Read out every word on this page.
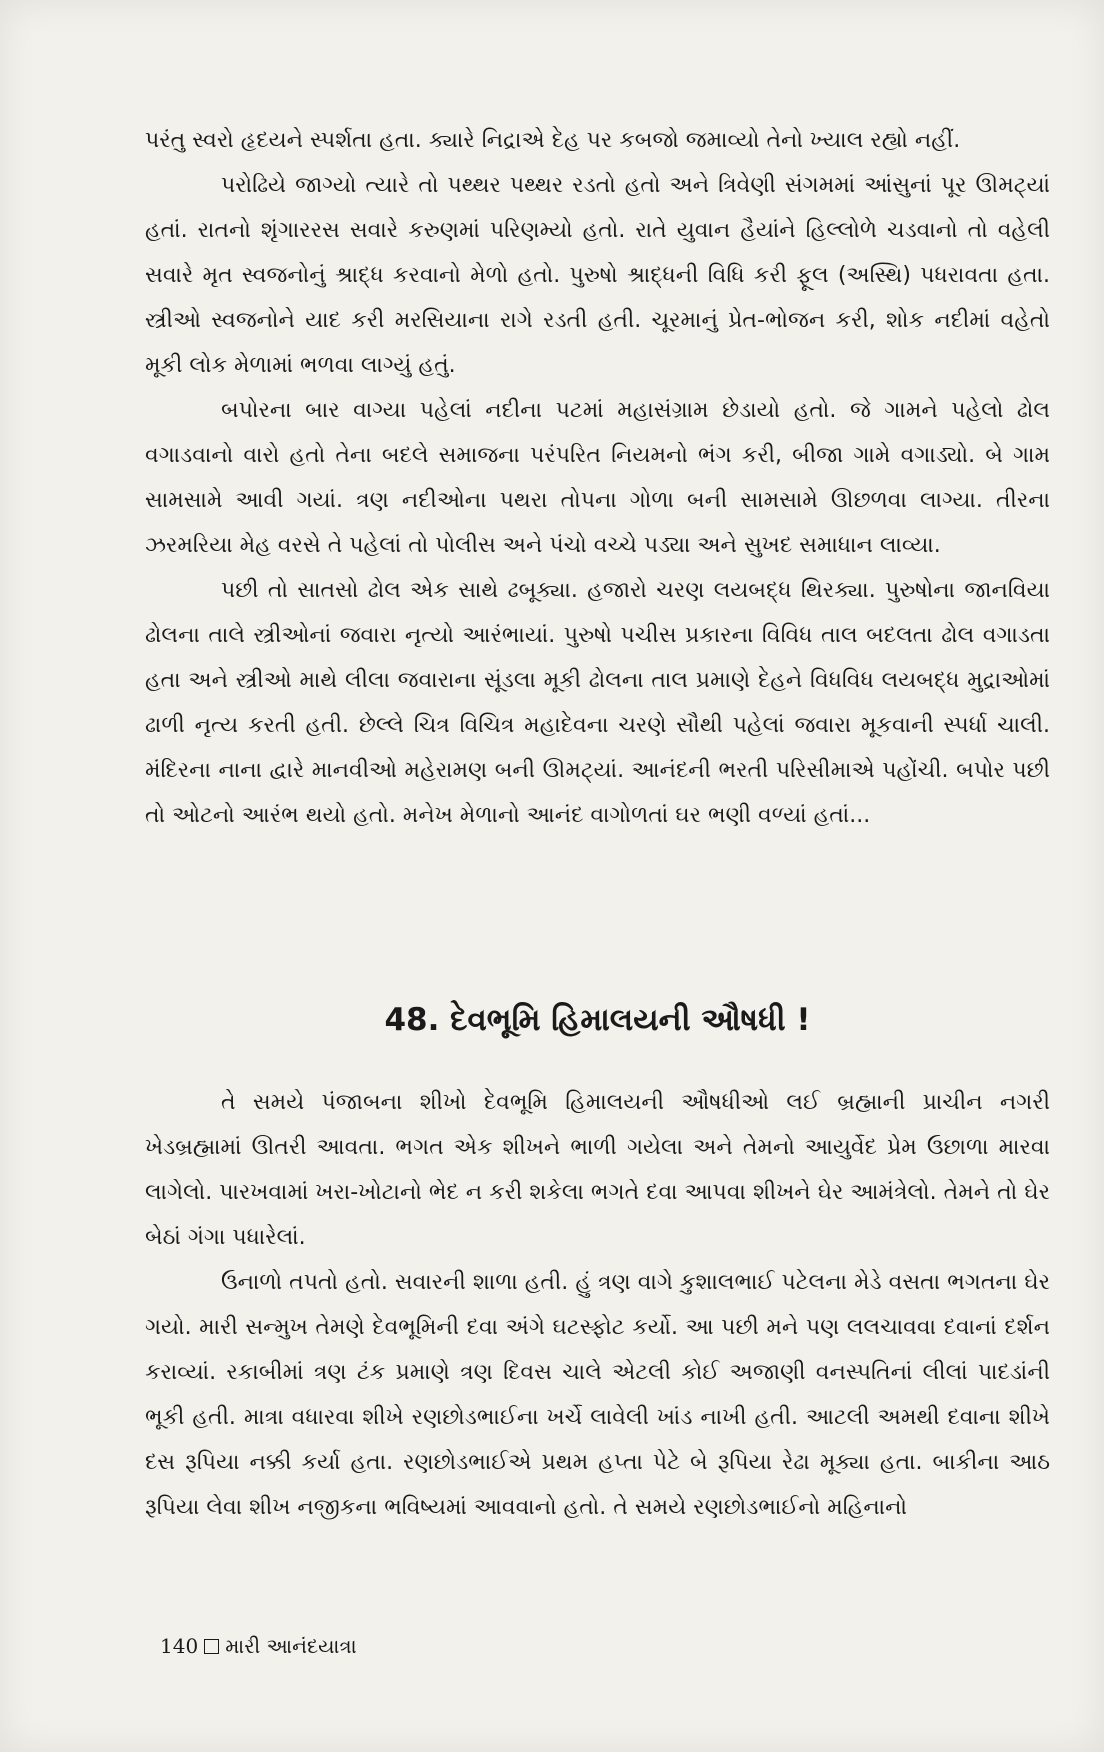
પરંતુ સ્વરો હૃદયને સ્પર્શતા હતા. ક્યારે નિદ્રાએ દેહ પર કબજો જમાવ્યો તેનો ખ્યાલ રહ્યો નહીં.

પરોઢિયે જાગ્યો ત્યારે તો પથ્થર પથ્થર રડતો હતો અને ત્રિવેણી સંગમમાં આંસુનાં પૂર ઊમટ્યાં હતાં. રાતનો શૃંગારરસ સવારે કરુણમાં પરિણમ્યો હતો. રાતે યુવાન હૈયાંને હિલ્લોળે ચડવાનો તો વહેલી સવારે મૃત સ્વજનોનું શ્રાદ્ધ કરવાનો મેળો હતો. પુરુષો શ્રાદ્ધની વિધિ કરી ફૂલ (અસ્થિ) પધરાવતા હતા. સ્ત્રીઓ સ્વજનોને યાદ કરી મરસિયાના રાગે રડતી હતી. ચૂરમાનું પ્રેત-ભોજન કરી, શોક નદીમાં વહેતો મૂકી લોક મેળામાં ભળવા લાગ્યું હતું.

બપોરના બાર વાગ્યા પહેલાં નદીના પટમાં મહાસંગ્રામ છેડાયો હતો. જે ગામને પહેલો ઢોલ વગાડવાનો વારો હતો તેના બદલે સમાજના પરંપરિત નિયમનો ભંગ કરી, બીજા ગામે વગાડ્યો. બે ગામ સામસામે આવી ગયાં. ત્રણ નદીઓના પથરા તોપના ગોળા બની સામસામે ઊછળવા લાગ્યા. તીરના ઝરમરિયા મેહ વરસે તે પહેલાં તો પોલીસ અને પંચો વચ્ચે પડ્યા અને સુખદ સમાધાન લાવ્યા.

પછી તો સાતસો ઢોલ એક સાથે ઢબૂક્યા. હજારો ચરણ લયબદ્ધ થિરક્યા. પુરુષોના જાનવિયા ઢોલના તાલે સ્ત્રીઓનાં જવારા નૃત્યો આરંભાયાં. પુરુષો પચીસ પ્રકારના વિવિધ તાલ બદલતા ઢોલ વગાડતા હતા અને સ્ત્રીઓ માથે લીલા જવારાના સૂંડલા મૂકી ઢોલના તાલ પ્રમાણે દેહને વિધવિધ લયબદ્ધ મુદ્રાઓમાં ઢાળી નૃત્ય કરતી હતી. છેલ્લે ચિત્ર વિચિત્ર મહાદેવના ચરણે સૌથી પહેલાં જવારા મૂકવાની સ્પર્ધા ચાલી. મંદિરના નાના દ્વારે માનવીઓ મહેરામણ બની ઊમટ્યાં. આનંદની ભરતી પરિસીમાએ પહોંચી. બપોર પછી તો ઓટનો આરંભ થયો હતો. મનેખ મેળાનો આનંદ વાગોળતાં ઘર ભણી વળ્યાં હતાં...

48. દેવભૂમિ હિમાલયની ઔષધી !

તે સમયે પંજાબના શીખો દેવભૂમિ હિમાલયની ઔષધીઓ લઈ બ્રહ્માની પ્રાચીન નગરી ખેડબ્રહ્મામાં ઊતરી આવતા. ભગત એક શીખને ભાળી ગયેલા અને તેમનો આયુર્વેદ પ્રેમ ઉછાળા મારવા લાગેલો. પારખવામાં ખરા-ખોટાનો ભેદ ન કરી શકેલા ભગતે દવા આપવા શીખને ઘેર આમંત્રેલો. તેમને તો ઘેર બેઠાં ગંગા પધારેલાં.

ઉનાળો તપતો હતો. સવારની શાળા હતી. હું ત્રણ વાગે કુશાલભાઈ પટેલના મેડે વસતા ભગતના ઘેર ગયો. મારી સન્મુખ તેમણે દેવભૂમિની દવા અંગે ઘટસ્ફોટ કર્યો. આ પછી મને પણ લલચાવવા દવાનાં દર્શન કરાવ્યાં. રકાબીમાં ત્રણ ટંક પ્રમાણે ત્રણ દિવસ ચાલે એટલી કોઈ અજાણી વનસ્પતિનાં લીલાં પાદડાંની ભૂકી હતી. માત્રા વધારવા શીખે રણછોડભાઈના ખર્ચે લાવેલી ખાંડ નાખી હતી. આટલી અમથી દવાના શીખે દસ રૂપિયા નક્કી કર્યા હતા. રણછોડભાઈએ પ્રથમ હપ્તા પેટે બે રૂપિયા રેઢા મૂક્યા હતા. બાકીના આઠ રૂપિયા લેવા શીખ નજીકના ભવિષ્યમાં આવવાનો હતો. તે સમયે રણછોડભાઈનો મહિનાનો

140 મારી આનંદયાત્રા
